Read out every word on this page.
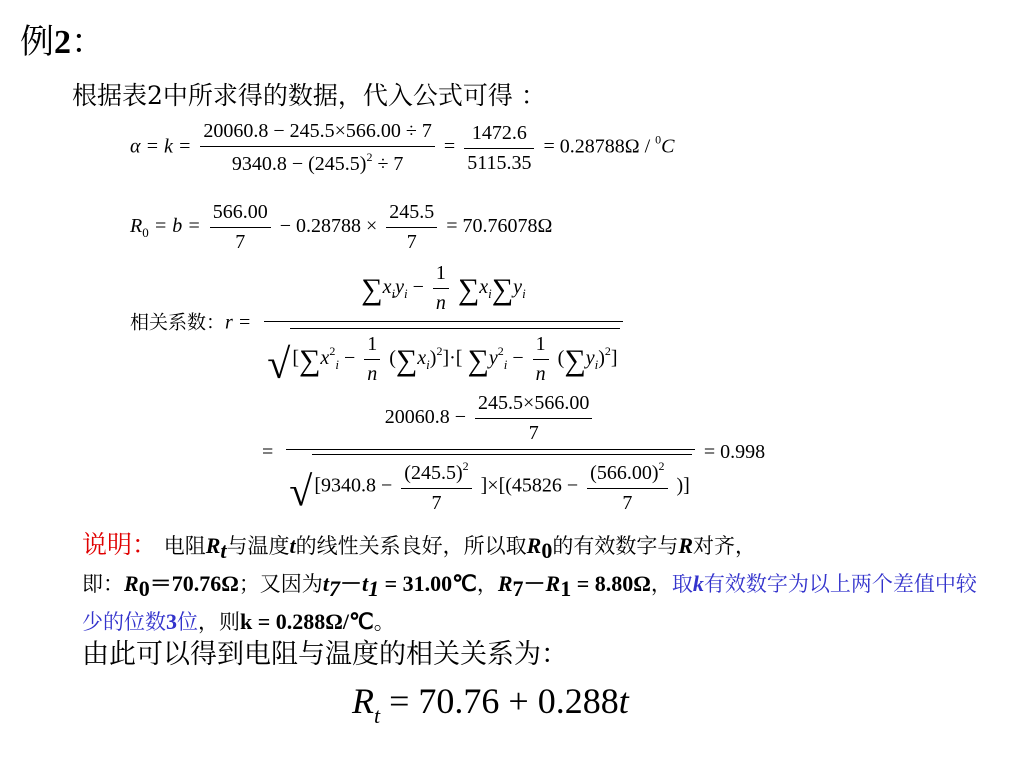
例2：
根据表2中所求得的数据，代入公式可得 ：
$\alpha = k = \frac{20060.8 - 245.5\times 566.00 \div 7}{9340.8 - (245.5)^2 \div 7} = \frac{1472.6}{5115.35} = 0.28788\Omega / ^0C$
$R_0 = b = \frac{566.00}{7} - 0.28788 \times \frac{245.5}{7} = 70.76078\Omega$
相关系数：r =
$\sum x_iy_i - \frac{1}{n} \sum x_i\sum y_i$
√ $[\sum x^2_i - \frac{1}{n} (\sum x_i)^2]\cdot$[ $\sum y^2_i - \frac{1}{n} (\sum y_i)^2$]
=
$20060.8 - \frac{245.5\times 566.00}{7}$
√ $[9340.8 - \frac{(245.5)^2}{7} ]\times[(45826 - \frac{(566.00)^2}{7}$ )]
= 0.998
说明： 电阻Rt与温度t的线性关系良好，所以取R0的有效数字与R对齐，
即：R0＝70.76Ω；又因为t7－t1 = 31.00℃，R7－R1 = 8.80Ω，取k有效数字为以上两个差值中较少的位数3位，则k = 0.288Ω/℃。
由此可以得到电阻与温度的相关关系为：
$R_t = 70.76 + 0.288t$
